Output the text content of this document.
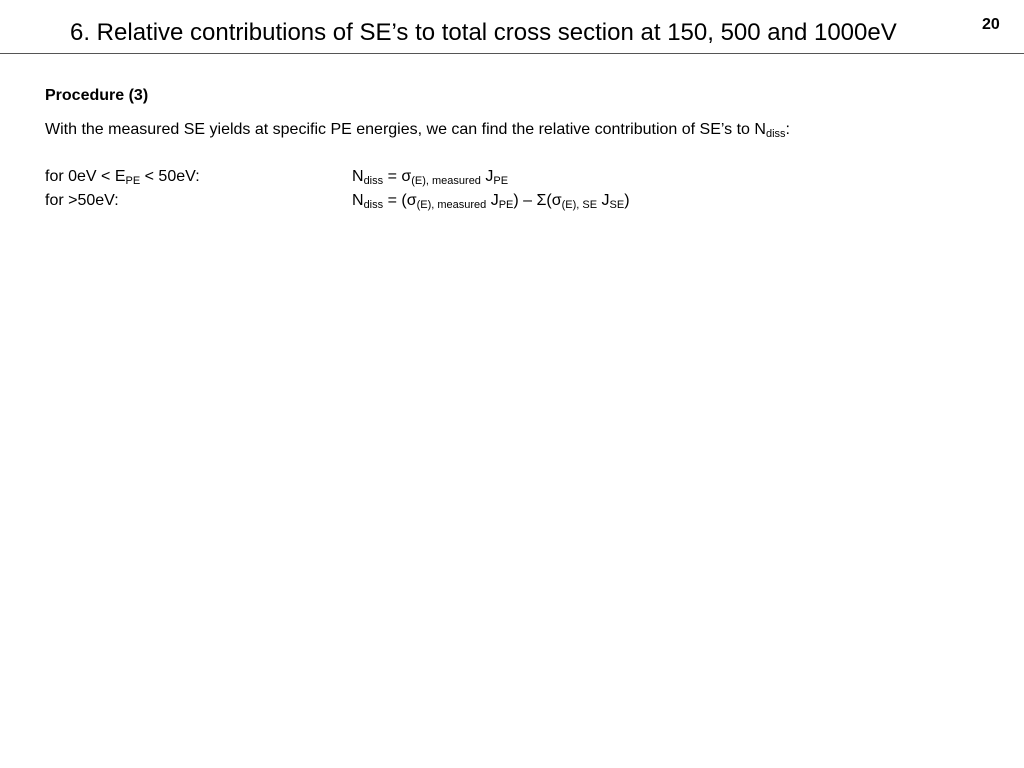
6. Relative contributions of SE’s to total cross section at 150, 500 and 1000eV	20
Procedure (3)
With the measured SE yields at specific PE energies, we can find the relative contribution of SE’s to $N_{diss}$:
for $0eV < E_{PE} < 50eV$:	$N_{diss} = \sigma_{(E), measured}$ $J_{PE}$
for >50eV:	$N_{diss} = (\sigma_{(E), measured}$ $J_{PE}) - \Sigma(\sigma_{(E), SE}$ $J_{SE}$)
